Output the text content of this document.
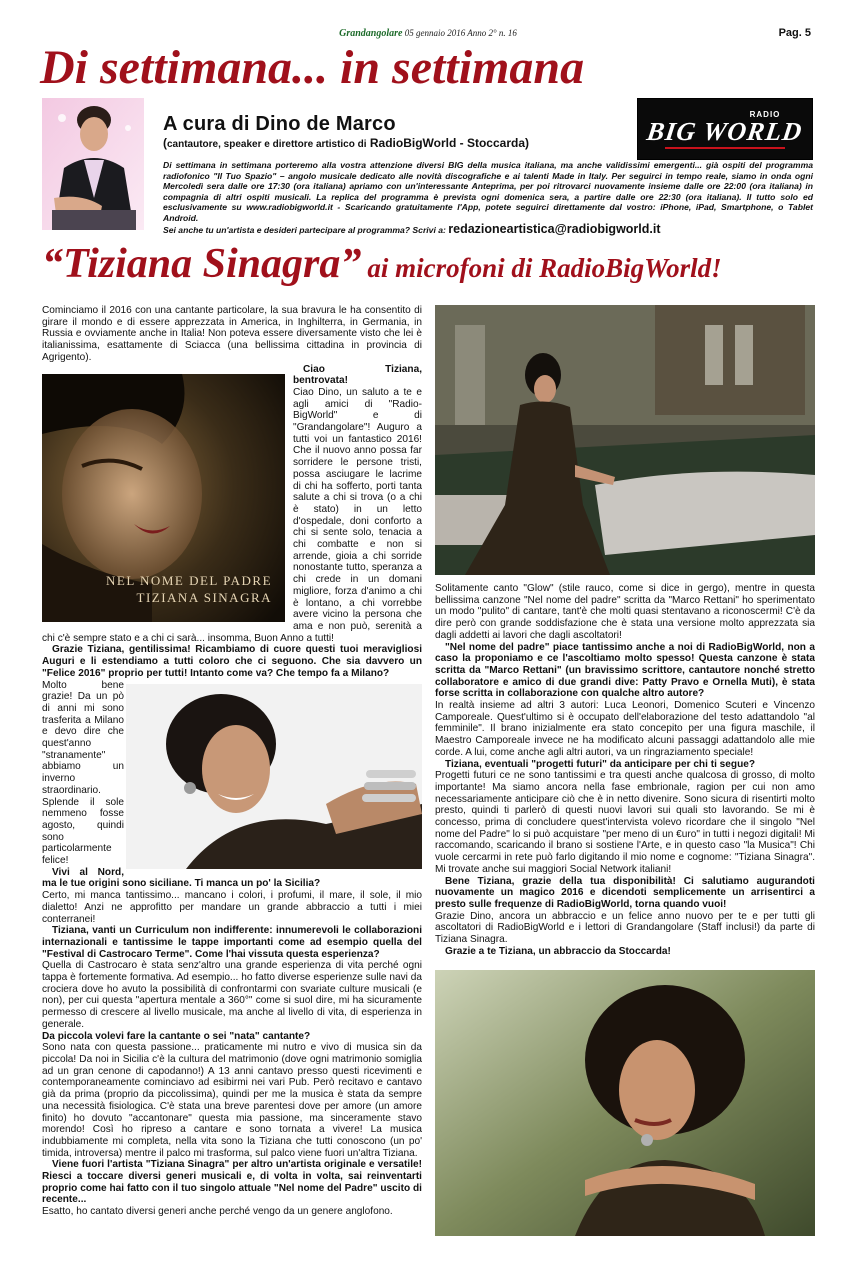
Grandangolare 05 gennaio 2016 Anno 2° n. 16	Pag. 5
Di settimana... in settimana
A cura di Dino de Marco
(cantautore, speaker e direttore artistico di RadioBigWorld - Stoccarda)
RADIO
BIG WORLD
Di settimana in settimana porteremo alla vostra attenzione diversi BIG della musica italiana, ma anche validissimi emergenti... già ospiti del programma radiofonico "Il Tuo Spazio" – angolo musicale dedicato alle novità discografiche e ai talenti Made in Italy. Per seguirci in tempo reale, siamo in onda ogni Mercoledì sera dalle ore 17:30 (ora italiana) apriamo con un'interessante Anteprima, per poi ritrovarci nuovamente insieme dalle ore 22:00 (ora italiana) in compagnia di altri ospiti musicali. La replica del programma è prevista ogni domenica sera, a partire dalle ore 22:30 (ora italiana). Il tutto solo ed esclusivamente su www.radiobigworld.it - Scaricando gratuitamente l'App, potete seguirci direttamente dal vostro: iPhone, iPad, Smartphone, o Tablet Android.
Sei anche tu un'artista e desideri partecipare al programma? Scrivi a: redazioneartistica@radiobigworld.it
“Tiziana Sinagra” ai microfoni di RadioBigWorld!

Cominciamo il 2016 con una cantante particolare, la sua bravura le ha consentito di girare il mondo e di essere apprezzata in America, in Inghilterra, in Germania, in Russia e ovviamente anche in Italia! Non poteva essere diversamente visto che lei è italianissima, esattamente di Sciacca (una bellissima cittadina in provincia di Agrigento).

NEL NOME DEL PADRE
TIZIANA SINAGRA

Ciao Tiziana, bentrovata!

Ciao Dino, un saluto a te e agli amici di "Radio-BigWorld" e di "Grandangolare"! Auguro a tutti voi un fantastico 2016! Che il nuovo anno possa far sorridere le persone tristi, possa asciugare le lacrime di chi ha sofferto, porti tanta salute a chi si trova (o a chi è stato) in un letto d'ospedale, doni conforto a chi si sente solo, tenacia a chi combatte e non si arrende, gioia a chi sorride nonostante tutto, speranza a chi crede in un domani migliore, forza d'animo a chi è lontano, a chi vorrebbe avere vicino la persona che ama e non può, serenità a chi c'è sempre stato e a chi ci sarà... insomma, Buon Anno a tutti!

Grazie Tiziana, gentilissima! Ricambiamo di cuore questi tuoi meravigliosi Auguri e li estendiamo a tutti coloro che ci seguono. Che sia davvero un "Felice 2016" proprio per tutti! Intanto come va? Che tempo fa a Milano?

Molto bene grazie! Da un pò di anni mi sono trasferita a Milano e devo dire che quest'anno "stranamente" abbiamo un inverno straordinario. Splende il sole nemmeno fosse agosto, quindi sono particolarmente felice!

Vivi al Nord, ma le tue origini sono siciliane. Ti manca un po' la Sicilia?

Certo, mi manca tantissimo... mancano i colori, i profumi, il mare, il sole, il mio dialetto! Anzi ne approfitto per mandare un grande abbraccio a tutti i miei conterranei!

Tiziana, vanti un Curriculum non indifferente: innumerevoli le collaborazioni internazionali e tantissime le tappe importanti come ad esempio quella del "Festival di Castrocaro Terme". Come l'hai vissuta questa esperienza?

Quella di Castrocaro è stata senz'altro una grande esperienza di vita perché ogni tappa è fortemente formativa. Ad esempio... ho fatto diverse esperienze sulle navi da crociera dove ho avuto la possibilità di confrontarmi con svariate culture musicali (e non), per cui questa "apertura mentale a 360°" come si suol dire, mi ha sicuramente permesso di crescere al livello musicale, ma anche al livello di vita, di esperienza in generale.

Da piccola volevi fare la cantante o sei "nata" cantante?

Sono nata con questa passione... praticamente mi nutro e vivo di musica sin da piccola! Da noi in Sicilia c'è la cultura del matrimonio (dove ogni matrimonio somiglia ad un gran cenone di capodanno!) A 13 anni cantavo presso questi ricevimenti e contemporaneamente cominciavo ad esibirmi nei vari Pub. Però recitavo e cantavo già da prima (proprio da piccolissima), quindi per me la musica è stata da sempre una necessità fisiologica. C'è stata una breve parentesi dove per amore (un amore finito) ho dovuto "accantonare" questa mia passione, ma sinceramente stavo morendo! Così ho ripreso a cantare e sono tornata a vivere! La musica indubbiamente mi completa, nella vita sono la Tiziana che tutti conoscono (un po' timida, introversa) mentre il palco mi trasforma, sul palco viene fuori un'altra Tiziana.

Viene fuori l'artista "Tiziana Sinagra" per altro un'artista originale e versatile! Riesci a toccare diversi generi musicali e, di volta in volta, sai reinventarti proprio come hai fatto con il tuo singolo attuale "Nel nome del Padre" uscito di recente...

Esatto, ho cantato diversi generi anche perché vengo da un genere anglofono.

Solitamente canto "Glow" (stile rauco, come si dice in gergo), mentre in questa bellissima canzone "Nel nome del padre" scritta da "Marco Rettani" ho sperimentato un modo "pulito" di cantare, tant'è che molti quasi stentavano a riconoscermi! C'è da dire però con grande soddisfazione che è stata una versione molto apprezzata sia dagli addetti ai lavori che dagli ascoltatori!

"Nel nome del padre" piace tantissimo anche a noi di RadioBigWorld, non a caso la proponiamo e ce l'ascoltiamo molto spesso! Questa canzone è stata scritta da "Marco Rettani" (un bravissimo scrittore, cantautore nonché stretto collaboratore e amico di due grandi dive: Patty Pravo e Ornella Muti), è stata forse scritta in collaborazione con qualche altro autore?

In realtà insieme ad altri 3 autori: Luca Leonori, Domenico Scuteri e Vincenzo Camporeale. Quest'ultimo si è occupato dell'elaborazione del testo adattandolo "al femminile". Il brano inizialmente era stato concepito per una figura maschile, il Maestro Camporeale invece ne ha modificato alcuni passaggi adattandolo alle mie corde. A lui, come anche agli altri autori, va un ringraziamento speciale!

Tiziana, eventuali "progetti futuri" da anticipare per chi ti segue?

Progetti futuri ce ne sono tantissimi e tra questi anche qualcosa di grosso, di molto importante! Ma siamo ancora nella fase embrionale, ragion per cui non amo necessariamente anticipare ciò che è in netto divenire. Sono sicura di risentirti molto presto, quindi ti parlerò di questi nuovi lavori sui quali sto lavorando. Se mi è concesso, prima di concludere quest'intervista volevo ricordare che il singolo "Nel nome del Padre" lo si può acquistare "per meno di un €uro" in tutti i negozi digitali! Mi raccomando, scaricando il brano si sostiene l'Arte, e in questo caso "la Musica"! Chi vuole cercarmi in rete può farlo digitando il mio nome e cognome: "Tiziana Sinagra". Mi trovate anche sui maggiori Social Network italiani!

Bene Tiziana, grazie della tua disponibilità! Ci salutiamo augurandoti nuovamente un magico 2016 e dicendoti semplicemente un arrisentirci a presto sulle frequenze di RadioBigWorld, torna quando vuoi!

Grazie Dino, ancora un abbraccio e un felice anno nuovo per te e per tutti gli ascoltatori di RadioBigWorld e i lettori di Grandangolare (Staff inclusi!) da parte di Tiziana Sinagra.

Grazie a te Tiziana, un abbraccio da Stoccarda!
